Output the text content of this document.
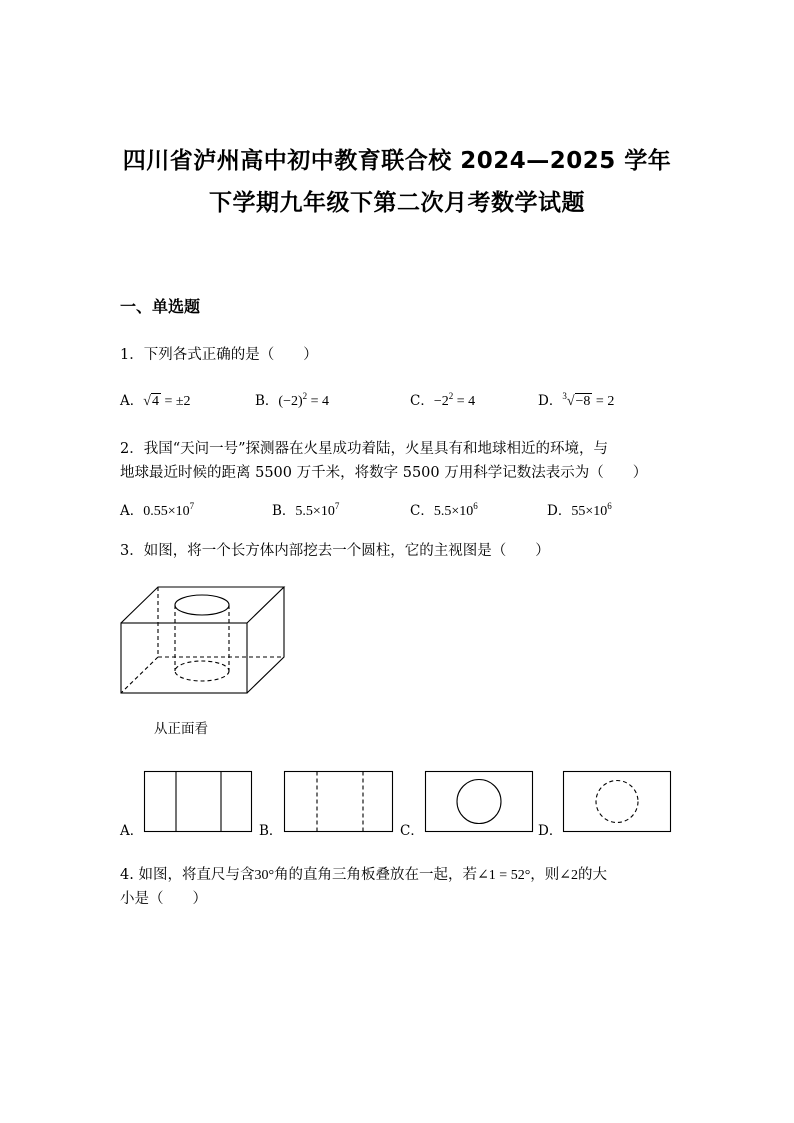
四川省泸州高中初中教育联合校 2024—2025 学年
下学期九年级下第二次月考数学试题
一、单选题
1．下列各式正确的是（　　）
A．√4 = ±2	B．$(-2)^2 = 4$	C．$-2^2 = 4$	D．$^3$√−8 = 2
2．我国“天问一号”探测器在火星成功着陆，火星具有和地球相近的环境，与
地球最近时候的距离 5500 万千米，将数字 5500 万用科学记数法表示为（　　）
A．$0.55\times 10^7$	B．$5.5\times 10^7$	C．$5.5\times 10^6$	D．$55\times 10^6$
3．如图，将一个长方体内部挖去一个圆柱，它的主视图是（　　）
从正面看
A．	B．	C．	D．
4. 如图，将直尺与含30°角的直角三角板叠放在一起，若∠1 = 52°，则∠2的大
小是（　　）
